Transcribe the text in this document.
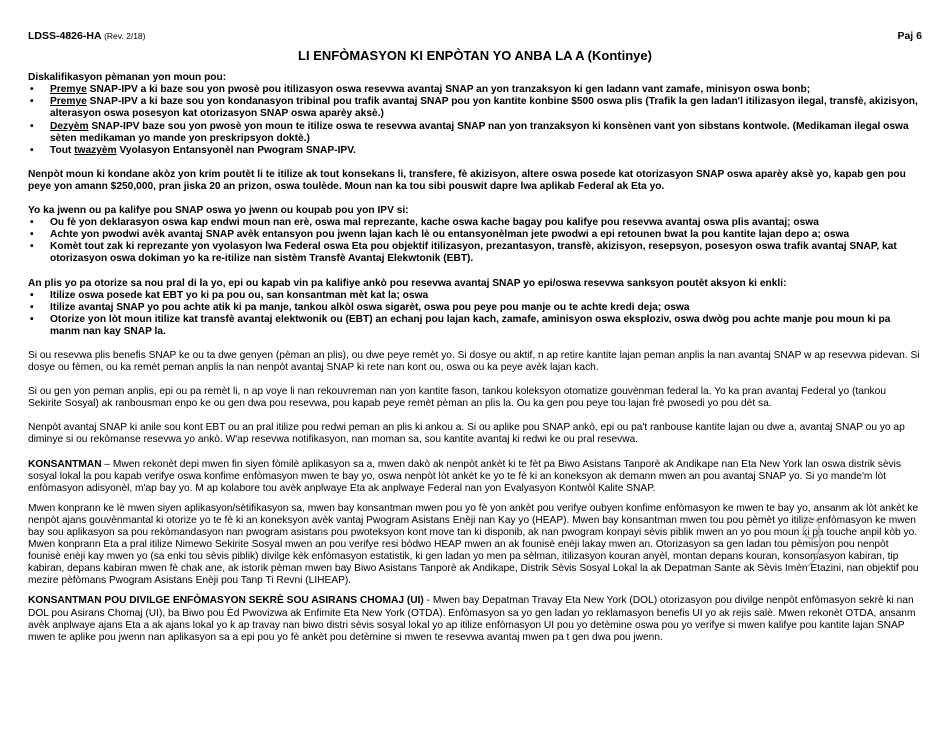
LDSS-4826-HA (Rev. 2/18)	Paj 6
LI ENFÒMASYON KI ENPÒTAN YO ANBA LA A (Kontinye)

Diskalifikasyon pèmanan yon moun pou:

• Premye SNAP-IPV a ki baze sou yon pwosè pou itilizasyon oswa resevwa avantaj SNAP an yon tranzaksyon ki gen ladann vant zamafe, minisyon oswa bonb;
• Premye SNAP-IPV a ki baze sou yon kondanasyon tribinal pou trafik avantaj SNAP pou yon kantite konbine $500 oswa plis (Trafik la gen ladan'l itilizasyon ilegal, transfè, akizisyon, alterasyon oswa posesyon kat otorizasyon SNAP oswa aparèy aksè.)
• Dezyèm SNAP-IPV baze sou yon pwosè yon moun te itilize oswa te resevwa avantaj SNAP nan yon tranzaksyon ki konsènen vant yon sibstans kontwole. (Medikaman ilegal oswa sèten medikaman yo mande yon preskripsyon doktè.)
• Tout twazyèm Vyolasyon Entansyonèl nan Pwogram SNAP-IPV.

Nenpòt moun ki kondane akòz yon krim poutèt li te itilize ak tout konsekans li, transfere, fè akizisyon, altere oswa posede kat otorizasyon SNAP oswa aparèy aksè yo, kapab gen pou peye yon amann $250,000, pran jiska 20 an prizon, oswa toulède. Moun nan ka tou sibi pouswit dapre lwa aplikab Federal ak Eta yo.

Yo ka jwenn ou pa kalifye pou SNAP oswa yo jwenn ou koupab pou yon IPV si:

• Ou fè yon deklarasyon oswa kap endwi moun nan erè, oswa mal reprezante, kache oswa kache bagay pou kalifye pou resevwa avantaj oswa plis avantaj; oswa
• Achte yon pwodwi avèk avantaj SNAP avèk entansyon pou jwenn lajan kach lè ou entansyonèlman jete pwodwi a epi retounen bwat la pou kantite lajan depo a; oswa
• Komèt tout zak ki reprezante yon vyolasyon lwa Federal oswa Eta pou objektif itilizasyon, prezantasyon, transfè, akizisyon, resepsyon, posesyon oswa trafik avantaj SNAP, kat otorizasyon oswa dokiman yo ka re-itilize nan sistèm Transfè Avantaj Elekwtonik (EBT).

An plis yo pa otorize sa nou pral di la yo, epi ou kapab vin pa kalifiye ankò pou resevwa avantaj SNAP yo epi/oswa resevwa sanksyon poutèt aksyon ki enkli:

• Itilize oswa posede kat EBT yo ki pa pou ou, san konsantman mèt kat la; oswa
• Itilize avantaj SNAP yo pou achte atik ki pa manje, tankou alkòl oswa sigarèt, oswa pou peye pou manje ou te achte kredi deja; oswa
• Otorize yon lòt moun itilize kat transfè avantaj elektwonik ou (EBT) an echanj pou lajan kach, zamafe, aminisyon oswa eksploziv, oswa dwòg pou achte manje pou moun ki pa manm nan kay SNAP la.

Si ou resevwa plis benefis SNAP ke ou ta dwe genyen (pèman an plis), ou dwe peye remèt yo. Si dosye ou aktif, n ap retire kantite lajan peman anplis la nan avantaj SNAP w ap resevwa pidevan. Si dosye ou fèmen, ou ka remèt peman anplis la nan nenpòt avantaj SNAP ki rete nan kont ou, oswa ou ka peye avèk lajan kach.

Si ou gen yon peman anplis, epi ou pa remèt li, n ap voye li nan rekouvreman nan yon kantite fason, tankou koleksyon otomatize gouvènman federal la. Yo ka pran avantaj Federal yo (tankou Sekirite Sosyal) ak ranbousman enpo ke ou gen dwa pou resevwa, pou kapab peye remèt pèman an plis la. Ou ka gen pou peye tou lajan frè pwosedi yo pou dèt sa.

Nenpòt avantaj SNAP ki anile sou kont EBT ou an pral itilize pou redwi peman an plis ki ankou a. Si ou aplike pou SNAP ankò, epi ou pa't ranbouse kantite lajan ou dwe a, avantaj SNAP ou yo ap diminye si ou rekòmanse resevwa yo ankò. W'ap resevwa notifikasyon, nan moman sa, sou kantite avantaj ki redwi ke ou pral resevwa.

KONSANTMAN – Mwen rekonèt depi mwen fin siyen fòmilè aplikasyon sa a, mwen dakò ak nenpòt ankèt ki te fèt pa Biwo Asistans Tanporè ak Andikape nan Eta New York lan oswa distrik sèvis sosyal lokal la pou kapab verifye oswa konfime enfòmasyon mwen te bay yo, oswa nenpòt lòt ankèt ke yo te fè ki an koneksyon ak demann mwen an pou avantaj SNAP yo. Si yo mande'm lòt enfòmasyon adisyonèl, m'ap bay yo. M ap kolabore tou avèk anplwaye Eta ak anplwaye Federal nan yon Evalyasyon Kontwòl Kalite SNAP.

Mwen konprann ke lè mwen siyen aplikasyon/sètifikasyon sa, mwen bay konsantman mwen pou yo fè yon ankèt pou verifye oubyen konfime enfòmasyon ke mwen te bay yo, ansanm ak lòt ankèt ke nenpòt ajans gouvènmantal ki otorize yo te fè ki an koneksyon avèk vantaj Pwogram Asistans Enèji nan Kay yo (HEAP). Mwen bay konsantman mwen tou pou pèmèt yo itilize enfòmasyon ke mwen bay sou aplikasyon sa pou rekòmandasyon nan pwogram asistans pou pwoteksyon kont move tan ki disponib, ak nan pwogram konpayi sèvis piblik mwen an yo pou moun ki pa touche anpil kòb yo. Mwen konprann Eta a pral itilize Nimewo Sekirite Sosyal mwen an pou verifye resi bòdwo HEAP mwen an ak founisè enèji lakay mwen an. Otorizasyon sa gen ladan tou pèmisyon pou nenpòt founisè enèji kay mwen yo (sa enki tou sèvis piblik) divilge kèk enfòmasyon estatistik, ki gen ladan yo men pa sèlman, itilizasyon kouran anyèl, montan depans kouran, konsomasyon kabiran, tip kabiran, depans kabiran mwen fè chak ane, ak istorik pèman mwen bay Biwo Asistans Tanporè ak Andikape, Distrik Sèvis Sosyal Lokal la ak Depatman Sante ak Sèvis Imèn Etazini, nan objektif pou mezire pèfòmans Pwogram Asistans Enèji pou Tanp Ti Revni (LIHEAP).

KONSANTMAN POU DIVILGE ENFÒMASYON SEKRÈ SOU ASIRANS CHOMAJ (UI) - Mwen bay Depatman Travay Eta New York (DOL) otorizasyon pou divilge nenpòt enfòmasyon sekrè ki nan DOL pou Asirans Chomaj (UI), ba Biwo pou Èd Pwovizwa ak Enfimite Eta New York (OTDA). Enfòmasyon sa yo gen ladan yo reklamasyon benefis UI yo ak rejis salè. Mwen rekonèt OTDA, ansanm avèk anplwaye ajans Eta a ak ajans lokal yo k ap travay nan biwo distri sèvis sosyal lokal yo ap itilize enfòmasyon UI pou yo detèmine oswa pou yo verifye si mwen kalifye pou kantite lajan SNAP mwen te aplike pou jwenn nan aplikasyon sa a epi pou yo fè ankèt pou detèmine si mwen te resevwa avantaj mwen pa t gen dwa pou jwenn.
